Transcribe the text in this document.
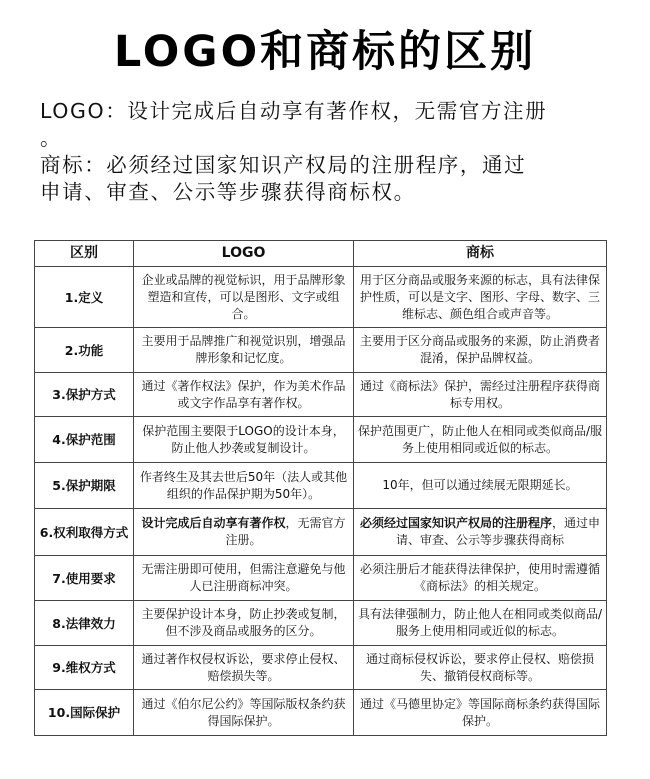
LOGO和商标的区别

LOGO：设计完成后自动享有著作权，无需官方注册

。

商标：必须经过国家知识产权局的注册程序，通过

申请、审查、公示等步骤获得商标权。

区别	LOGO	商标
1.定义	企业或品牌的视觉标识，用于品牌形象塑造和宣传，可以是图形、文字或组合。	用于区分商品或服务来源的标志，具有法律保护性质，可以是文字、图形、字母、数字、三维标志、颜色组合或声音等。

2.功能	主要用于品牌推广和视觉识别，增强品牌形象和记忆度。	主要用于区分商品或服务的来源，防止消费者混淆，保护品牌权益。
3.保护方式	通过《著作权法》保护，作为美术作品或文字作品享有著作权。	通过《商标法》保护，需经过注册程序获得商标专用权。
4.保护范围	保护范围主要限于LOGO的设计本身，防止他人抄袭或复制设计。	保护范围更广，防止他人在相同或类似商品/服务上使用相同或近似的标志。
5.保护期限	作者终生及其去世后50年（法人或其他组织的作品保护期为50年）。	10年，但可以通过续展无限期延长。
6.权利取得方式	设计完成后自动享有著作权，无需官方注册。	必须经过国家知识产权局的注册程序，通过申请、审查、公示等步骤获得商标
7.使用要求	无需注册即可使用，但需注意避免与他人已注册商标冲突。	必须注册后才能获得法律保护，使用时需遵循《商标法》的相关规定。
8.法律效力	主要保护设计本身，防止抄袭或复制，但不涉及商品或服务的区分。	具有法律强制力，防止他人在相同或类似商品/服务上使用相同或近似的标志。
9.维权方式	通过著作权侵权诉讼，要求停止侵权、赔偿损失等。	通过商标侵权诉讼，要求停止侵权、赔偿损失、撤销侵权商标等。
10.国际保护	通过《伯尔尼公约》等国际版权条约获得国际保护。	通过《马德里协定》等国际商标条约获得国际保护。
